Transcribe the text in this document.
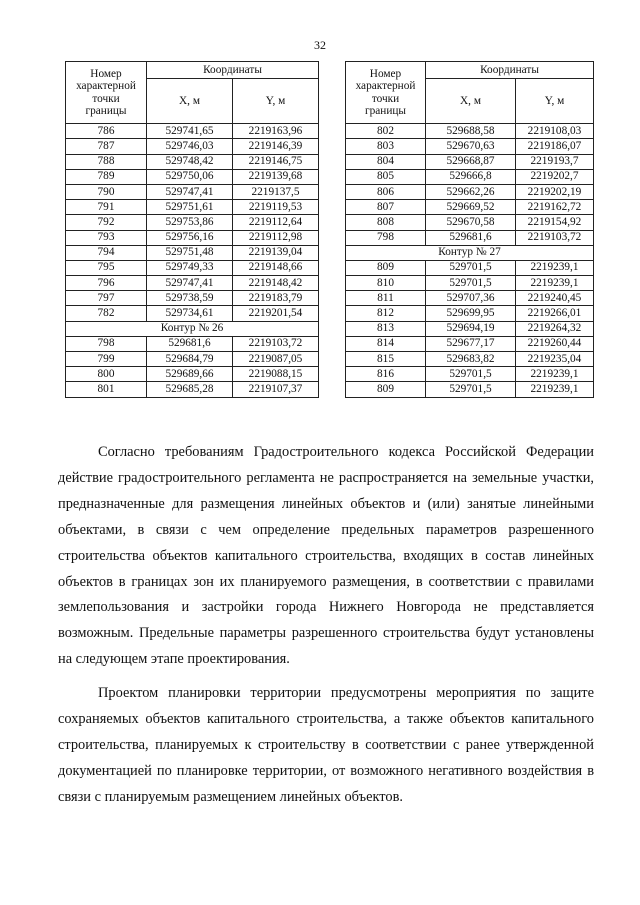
32
Номер
характерной
точки
границы	Координаты	
	X, м	Y, м
786	529741,65	2219163,96
787	529746,03	2219146,39
788	529748,42	2219146,75
789	529750,06	2219139,68
790	529747,41	2219137,5
791	529751,61	2219119,53
792	529753,86	2219112,64
793	529756,16	2219112,98
794	529751,48	2219139,04
795	529749,33	2219148,66
796	529747,41	2219148,42
797	529738,59	2219183,79
782	529734,61	2219201,54
Контур № 26		
798	529681,6	2219103,72
799	529684,79	2219087,05
800	529689,66	2219088,15
801	529685,28	2219107,37
Номер
характерной
точки
границы	Координаты	
	X, м	Y, м
802	529688,58	2219108,03
803	529670,63	2219186,07
804	529668,87	2219193,7
805	529666,8	2219202,7
806	529662,26	2219202,19
807	529669,52	2219162,72
808	529670,58	2219154,92
798	529681,6	2219103,72
Контур № 27		
809	529701,5	2219239,1
810	529701,5	2219239,1
811	529707,36	2219240,45
812	529699,95	2219266,01
813	529694,19	2219264,32
814	529677,17	2219260,44
815	529683,82	2219235,04
816	529701,5	2219239,1
809	529701,5	2219239,1

Согласно требованиям Градостроительного кодекса Российской Федерации действие градостроительного регламента не распространяется на земельные участки, предназначенные для размещения линейных объектов и (или) занятые линейными объектами, в связи с чем определение предельных параметров разрешенного строительства объектов капитального строительства, входящих в состав линейных объектов в границах зон их планируемого размещения, в соответствии с правилами землепользования и застройки города Нижнего Новгорода не представляется возможным. Предельные параметры разрешенного строительства будут установлены на следующем этапе проектирования.

Проектом планировки территории предусмотрены мероприятия по защите сохраняемых объектов капитального строительства, а также объектов капитального строительства, планируемых к строительству в соответствии с ранее утвержденной документацией по планировке территории, от возможного негативного воздействия в связи с планируемым размещением линейных объектов.
